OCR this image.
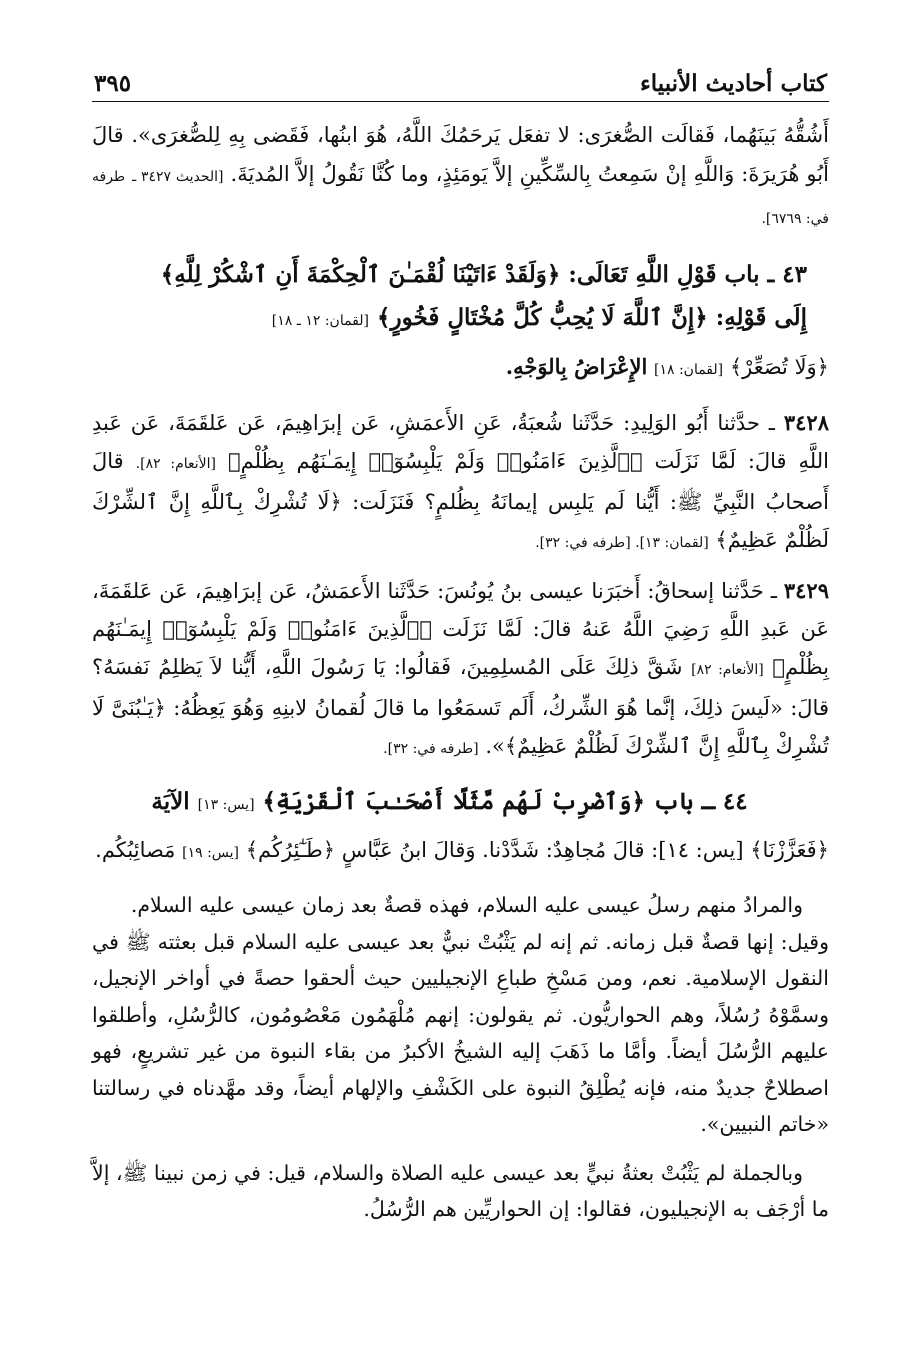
كتاب أحاديث الأنبياء
٣٩٥

أَشُقُّهُ بَينَهُما، فَقالَت الصُّغرَى: لا تفعَل يَرحَمُكَ اللَّهُ، هُوَ ابنُها، فَقَضى بِهِ لِلصُّغرَى». قالَ أَبُو هُرَيرَةَ: وَاللَّهِ إنْ سَمِعتُ بِالسِّكِّينِ إلاَّ يَومَئِذٍ، وما كُنَّا نَقُولُ إلاَّ المُديَةَ. [الحديث ٣٤٢٧ ـ طرفه في: ٦٧٦٩].

٤٣ ـ باب قَوْلِ اللَّهِ تَعَالَى: ﴿وَلَقَدْ ءَاتَيْنَا لُقْمَـٰنَ ٱلْحِكْمَةَ أَنِ ٱشْكُرْ لِلَّهِ﴾
إِلَى قَوْلِهِ: ﴿إِنَّ ٱللَّهَ لَا يُحِبُّ كُلَّ مُخْتَالٍ فَخُورٍ﴾ [لقمان: ١٢ ـ ١٨]

﴿وَلَا تُصَعِّرْ﴾ [لقمان: ١٨] الإِعْرَاضُ بِالوَجْهِ.

٣٤٢٨ ـ حدَّثنا أَبُو الوَلِيدِ: حَدَّثَنا شُعبَةُ، عَنِ الأَعمَشِ، عَن إبرَاهِيمَ، عَن عَلقَمَةَ، عَن عَبدِ اللَّهِ قالَ: لَمَّا نَزَلَت ﴿ٱلَّذِينَ ءَامَنُوا۟ وَلَمْ يَلْبِسُوٓا۟ إِيمَـٰنَهُم بِظُلْمٍ﴾ [الأنعام: ٨٢]. قالَ أَصحابُ النَّبِيِّ ﷺ: أَيُّنا لَم يَلبِس إيمانَهُ بِظُلمٍ؟ فَنَزَلَت: ﴿لَا تُشْرِكْ بِٱللَّهِ إِنَّ ٱلشِّرْكَ لَظُلْمٌ عَظِيمٌ﴾ [لقمان: ١٣]. [طرفه في: ٣٢].

٣٤٢٩ ـ حَدَّثنا إسحاقُ: أَخبَرَنا عيسى بنُ يُونُسَ: حَدَّثَنا الأَعمَشُ، عَن إبرَاهِيمَ، عَن عَلقَمَةَ، عَن عَبدِ اللَّهِ رَضِيَ اللَّهُ عَنهُ قالَ: لَمَّا نَزَلَت ﴿ٱلَّذِينَ ءَامَنُوا۟ وَلَمْ يَلْبِسُوٓا۟ إِيمَـٰنَهُم بِظُلْمٍ﴾ [الأنعام: ٨٢] شَقَّ ذلِكَ عَلَى المُسلِمِينَ، فَقالُوا: يَا رَسُولَ اللَّهِ، أَيُّنا لاَ يَظلِمُ نَفسَهُ؟ قالَ: «لَيسَ ذلِكَ، إنَّما هُوَ الشِّركُ، أَلَم تَسمَعُوا ما قالَ لُقمانُ لابنِهِ وَهُوَ يَعِظُهُ: ﴿يَـٰبُنَىَّ لَا تُشْرِكْ بِٱللَّهِ إِنَّ ٱلشِّرْكَ لَظُلْمٌ عَظِيمٌ﴾». [طرفه في: ٣٢].

٤٤ ـ باب ﴿وَٱضْرِبْ لَهُم مَّثَلًا أَصْحَـٰبَ ٱلْقَرْيَةِ﴾ [يس: ١٣] الآيَة

﴿فَعَزَّزْنَا﴾ [يس: ١٤]: قالَ مُجاهِدٌ: شَدَّدْنا. وَقالَ ابنُ عَبَّاسٍ ﴿طَـٰٓئِرُكُم﴾ [يس: ١٩] مَصائِبُكُم.

والمرادُ منهم رسلُ عيسى عليه السلام، فهذه قصةٌ بعد زمان عيسى عليه السلام.

وقيل: إنها قصةٌ قبل زمانه. ثم إنه لم يَثْبُتْ نبيٌّ بعد عيسى عليه السلام قبل بعثته ﷺ في النقول الإسلامية. نعم، ومن مَسْخِ طباعِ الإنجيليين حيث ألحقوا حصةً في أواخر الإنجيل، وسمَّوْهُ رُسُلاً، وهم الحواريُّون. ثم يقولون: إنهم مُلْهَمُون مَعْصُومُون، كالرُّسُلِ، وأطلقوا عليهم الرُّسُلَ أيضاً. وأمَّا ما ذَهَبَ إليه الشيخُ الأكبرُ من بقاء النبوة من غير تشريعٍ، فهو اصطلاحٌ جديدٌ منه، فإنه يُطْلِقُ النبوة على الكَشْفِ والإلهام أيضاً، وقد مهَّدناه في رسالتنا «خاتم النبيين».

وبالجملة لم يَثْبُتْ بعثةُ نبيٍّ بعد عيسى عليه الصلاة والسلام، قيل: في زمن نبينا ﷺ، إلاَّ ما أرْجَف به الإنجيليون، فقالوا: إن الحواريِّين هم الرُّسُلُ.
